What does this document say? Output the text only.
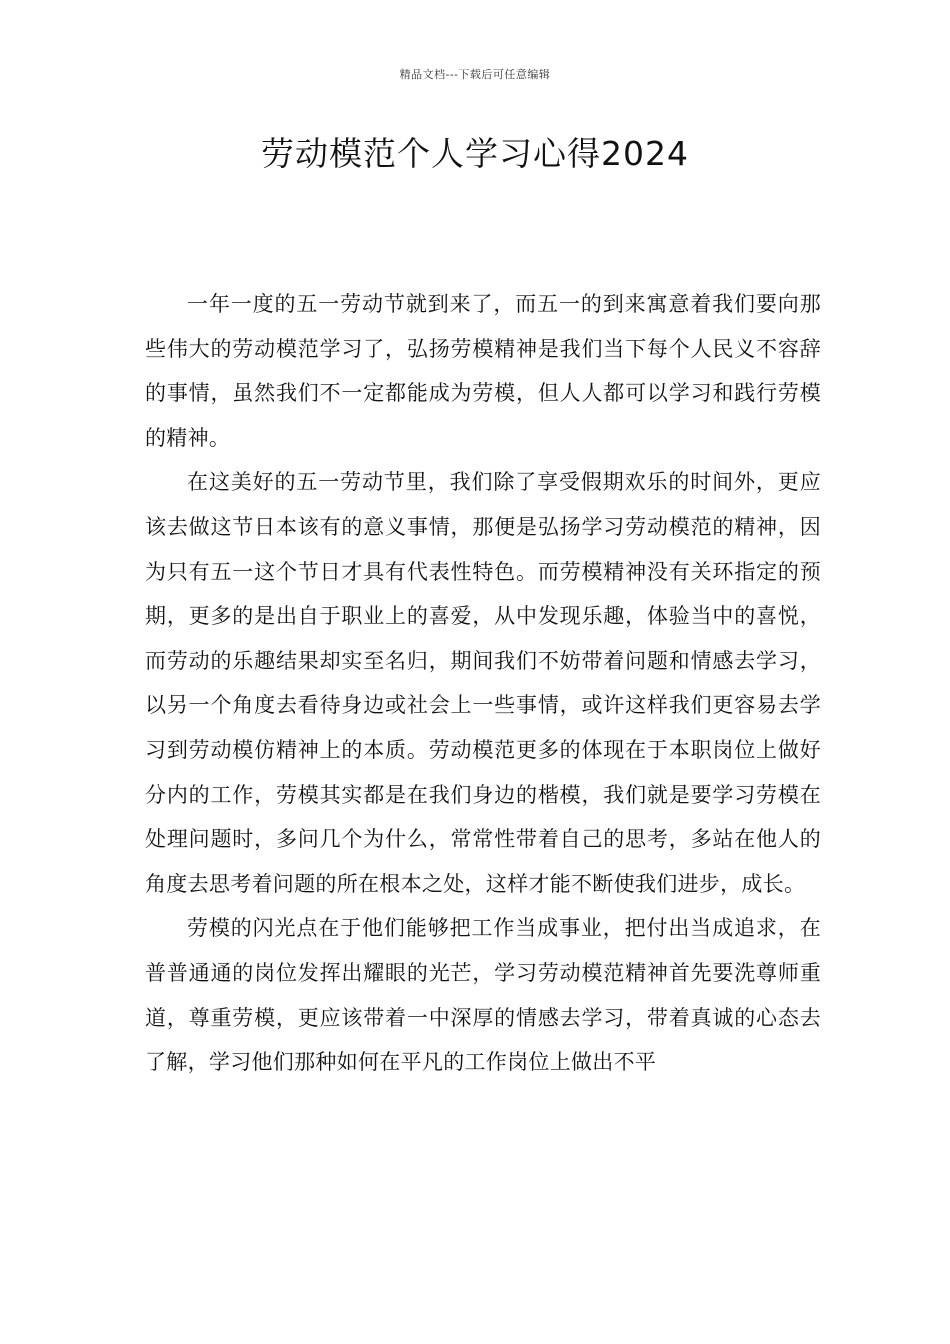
精品文档---下载后可任意编辑
劳动模范个人学习心得2024

一年一度的五一劳动节就到来了，而五一的到来寓意着我们要向那些伟大的劳动模范学习了，弘扬劳模精神是我们当下每个人民义不容辞的事情，虽然我们不一定都能成为劳模，但人人都可以学习和践行劳模的精神。

在这美好的五一劳动节里，我们除了享受假期欢乐的时间外，更应该去做这节日本该有的意义事情，那便是弘扬学习劳动模范的精神，因为只有五一这个节日才具有代表性特色。而劳模精神没有关环指定的预期，更多的是出自于职业上的喜爱，从中发现乐趣，体验当中的喜悦，而劳动的乐趣结果却实至名归，期间我们不妨带着问题和情感去学习，以另一个角度去看待身边或社会上一些事情，或许这样我们更容易去学习到劳动模仿精神上的本质。劳动模范更多的体现在于本职岗位上做好分内的工作，劳模其实都是在我们身边的楷模，我们就是要学习劳模在处理问题时，多问几个为什么，常常性带着自己的思考，多站在他人的角度去思考着问题的所在根本之处，这样才能不断使我们进步，成长。

劳模的闪光点在于他们能够把工作当成事业，把付出当成追求，在普普通通的岗位发挥出耀眼的光芒，学习劳动模范精神首先要洗尊师重道，尊重劳模，更应该带着一中深厚的情感去学习，带着真诚的心态去了解，学习他们那种如何在平凡的工作岗位上做出不平
